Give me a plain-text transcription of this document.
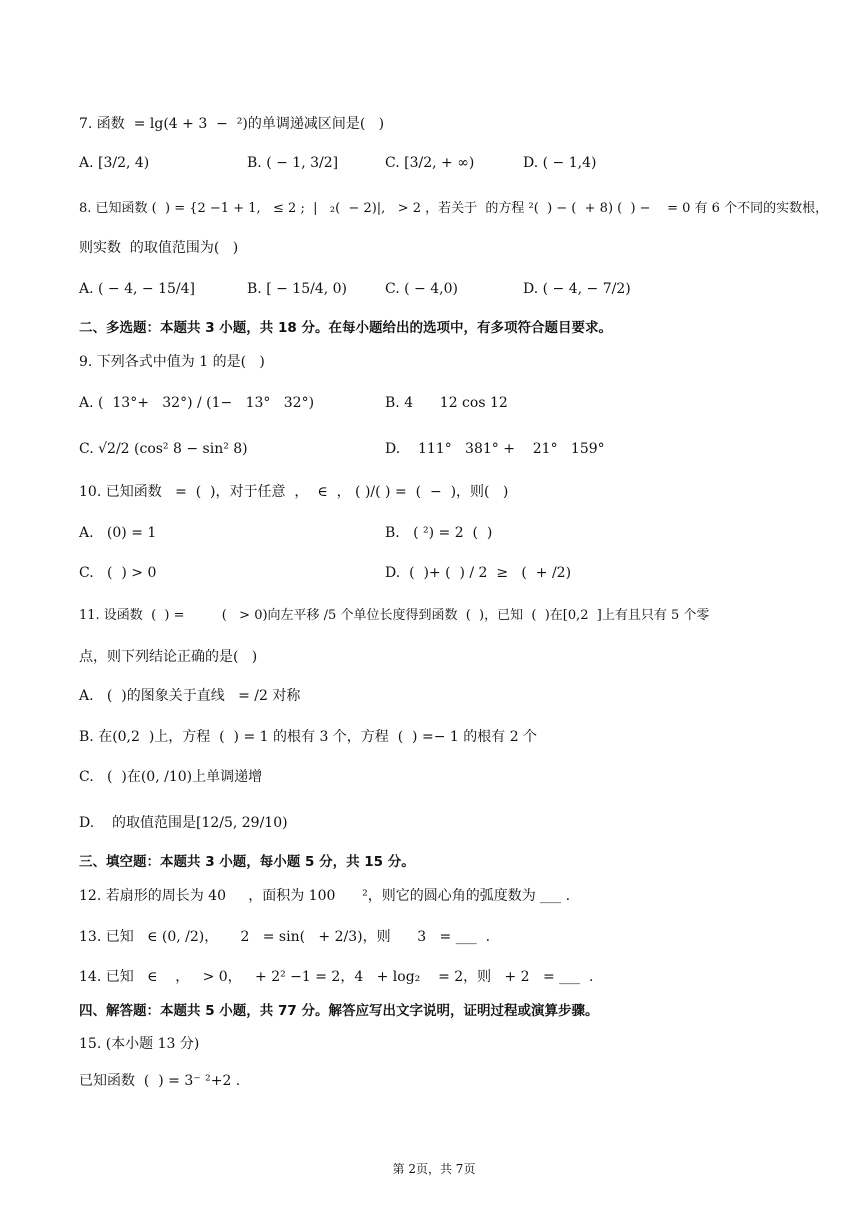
7. 函数  = lg(4 + 3  −  ²)的单调递减区间是(   )
A. [3/2, 4)	B. ( − 1, 3/2]	C. [3/2, + ∞)	D. ( − 1,4)
8. 已知函数 (  ) = {2 −1 + 1,   ≤ 2 ;  |   ₂(  − 2)|,   > 2 ，若关于  的方程 ²(  ) − (  + 8) (  ) −    = 0 有 6 个不同的实数根，
则实数  的取值范围为(   )
A. ( − 4, − 15/4]	B. [ − 15/4, 0)	C. ( − 4,0)	D. ( − 4, − 7/2)
二、多选题：本题共 3 小题，共 18 分。在每小题给出的选项中，有多项符合题目要求。
9. 下列各式中值为 1 的是(   )
A. (  13°+   32°) / (1−   13°   32°)	B. 4      12 cos 12
C. √2/2 (cos² 8 − sin² 8)	D.    111°   381° +    21°   159°
10. 已知函数   =  (  )，对于任意  ，  ∈  ， ( )/( ) =  (  −  )，则(   )
A.   (0) = 1	B.   ( ²) = 2  (  )
C.   (  ) > 0	D.  (  )+ (  ) / 2  ≥   (  + /2)
11. 设函数  (  ) =         (   > 0)向左平移 /5 个单位长度得到函数  (  )，已知  (  )在[0,2  ]上有且只有 5 个零
点，则下列结论正确的是(   )
A.   (  )的图象关于直线   = /2 对称
B. 在(0,2  )上，方程  (  ) = 1 的根有 3 个，方程  (  ) =− 1 的根有 2 个
C.   (  )在(0, /10)上单调递增
D.    的取值范围是[12/5, 29/10)
三、填空题：本题共 3 小题，每小题 5 分，共 15 分。
12. 若扇形的周长为 40     ，面积为 100      ²，则它的圆心角的弧度数为 ___ .
13. 已知   ∈ (0, /2)，     2   = sin(   + 2/3)，则      3   = ___  .
14. 已知   ∈    ，   > 0，   + 2² −1 = 2，4   + log₂    = 2，则   + 2   = ___  .
四、解答题：本题共 5 小题，共 77 分。解答应写出文字说明，证明过程或演算步骤。
15. (本小题 13 分)
已知函数  (  ) = 3⁻ ²+2 .
第 2页，共 7页
